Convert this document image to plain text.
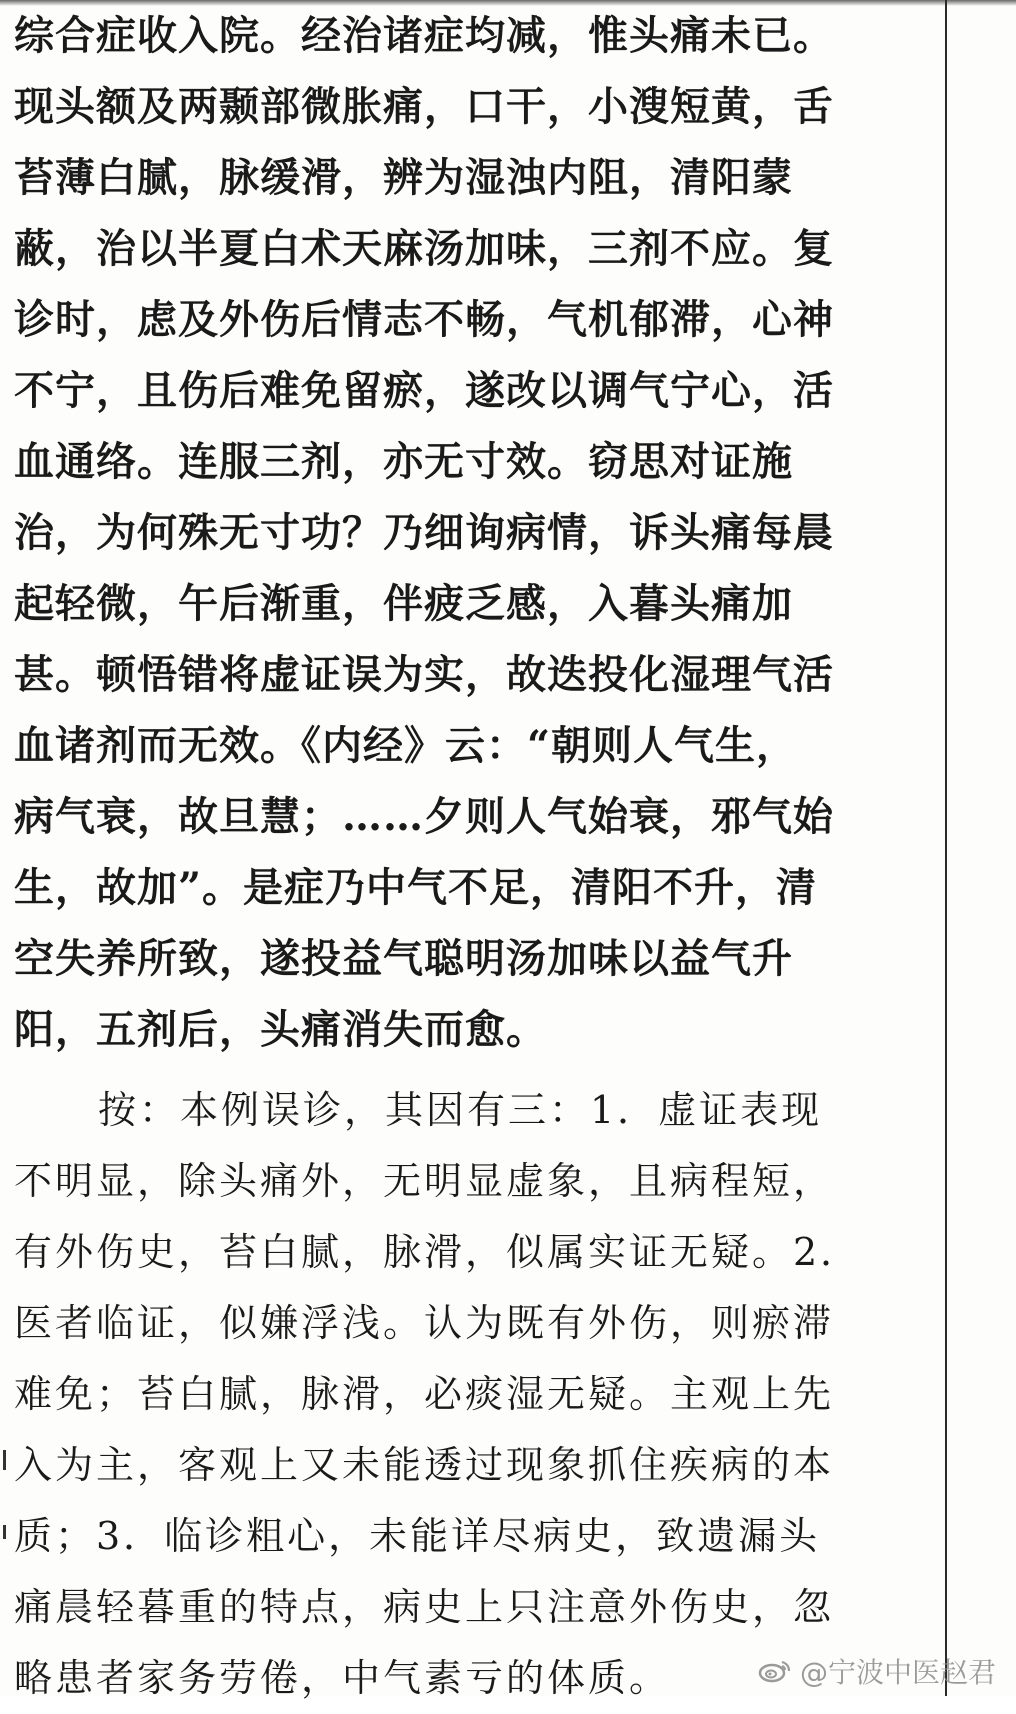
综合症收入院。经治诸症均减，惟头痛未已。
现头额及两颞部微胀痛，口干，小溲短黄，舌
苔薄白腻，脉缓滑，辨为湿浊内阻，清阳蒙
蔽，治以半夏白术天麻汤加味，三剂不应。复
诊时，虑及外伤后情志不畅，气机郁滞，心神
不宁，且伤后难免留瘀，遂改以调气宁心，活
血通络。连服三剂，亦无寸效。窃思对证施
治，为何殊无寸功？乃细询病情，诉头痛每晨
起轻微，午后渐重，伴疲乏感，入暮头痛加
甚。顿悟错将虚证误为实，故迭投化湿理气活
血诸剂而无效。《内经》云：“朝则人气生，
病气衰，故旦慧；……夕则人气始衰，邪气始
生，故加”。是症乃中气不足，清阳不升，清
空失养所致，遂投益气聪明汤加味以益气升
阳，五剂后，头痛消失而愈。
按：本例误诊，其因有三：1．虚证表现
不明显，除头痛外，无明显虚象，且病程短，
有外伤史，苔白腻，脉滑，似属实证无疑。2．
医者临证，似嫌浮浅。认为既有外伤，则瘀滞
难免；苔白腻，脉滑，必痰湿无疑。主观上先
入为主，客观上又未能透过现象抓住疾病的本
质；3．临诊粗心，未能详尽病史，致遗漏头
痛晨轻暮重的特点，病史上只注意外伤史，忽
略患者家务劳倦，中气素亏的体质。	@宁波中医赵君
